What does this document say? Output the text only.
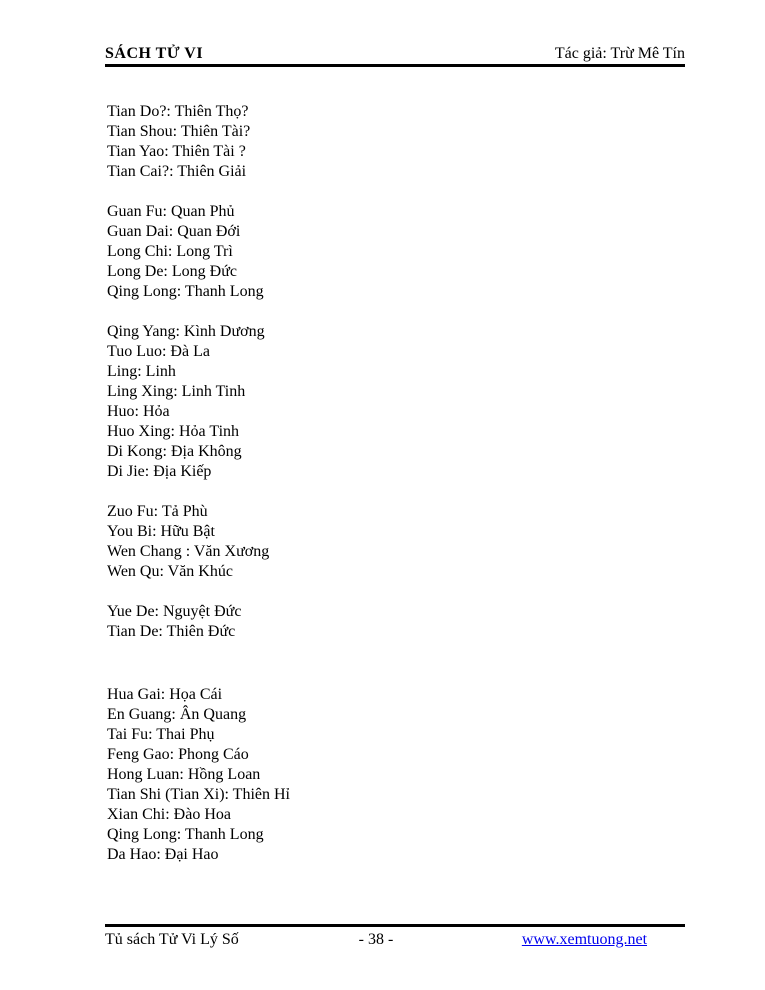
SÁCH TỬ VI	Tác giả: Trừ Mê Tín
Tian Do?: Thiên Thọ?
Tian Shou: Thiên Tài?
Tian Yao: Thiên Tài ?
Tian Cai?: Thiên Giải
Guan Fu: Quan Phủ
Guan Dai: Quan Đới
Long Chi: Long Trì
Long De: Long Đức
Qing Long: Thanh Long
Qing Yang: Kình Dương
Tuo Luo: Đà La
Ling: Linh
Ling Xing: Linh Tinh
Huo: Hỏa
Huo Xing: Hỏa Tinh
Di Kong: Địa Không
Di Jie: Địa Kiếp
Zuo Fu: Tả Phù
You Bi: Hữu Bật
Wen Chang : Văn Xương
Wen Qu: Văn Khúc
Yue De: Nguyệt Đức
Tian De: Thiên Đức
Hua Gai: Họa Cái
En Guang: Ân Quang
Tai Fu: Thai Phụ
Feng Gao: Phong Cáo
Hong Luan: Hồng Loan
Tian Shi (Tian Xi): Thiên Hỉ
Xian Chi: Đào Hoa
Qing Long: Thanh Long
Da Hao: Đại Hao
Tủ sách Tử Vi Lý Số	- 38 -	www.xemtuong.net
